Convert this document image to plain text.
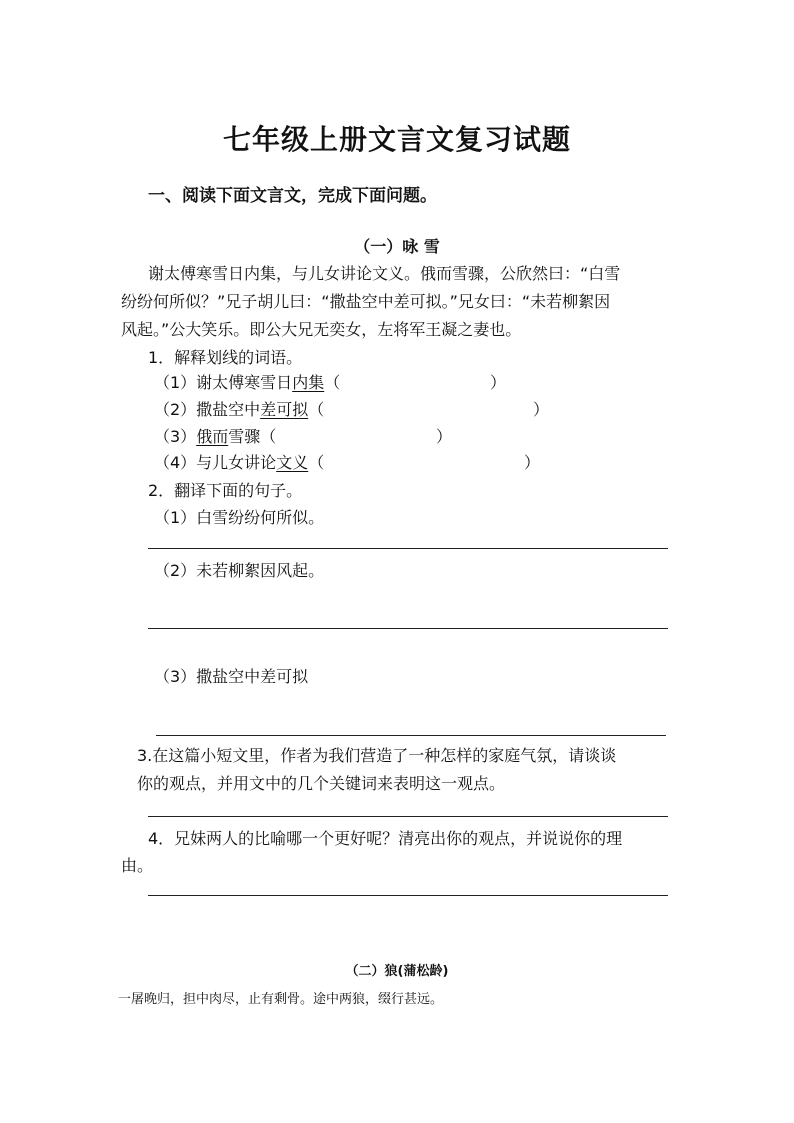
七年级上册文言文复习试题
一、阅读下面文言文，完成下面问题。
（一）咏 雪
谢太傅寒雪日内集，与儿女讲论文义。俄而雪骤，公欣然曰：“白雪
纷纷何所似？”兄子胡儿曰：“撒盐空中差可拟。”兄女曰：“未若柳絮因
风起。”公大笑乐。即公大兄无奕女，左将军王凝之妻也。
1．解释划线的词语。
（1）谢太傅寒雪日内集（	）
（2）撒盐空中差可拟（	）
（3）俄而雪骤（	）
（4）与儿女讲论文义（	）
2．翻译下面的句子。
（1）白雪纷纷何所似。
（2）未若柳絮因风起。
（3）撒盐空中差可拟
3.在这篇小短文里，作者为我们营造了一种怎样的家庭气氛，请谈谈
你的观点，并用文中的几个关键词来表明这一观点。
4．兄妹两人的比喻哪一个更好呢？清亮出你的观点，并说说你的理
由。
（二）狼(蒲松龄)
一屠晚归，担中肉尽，止有剩骨。途中两狼，缀行甚远。
